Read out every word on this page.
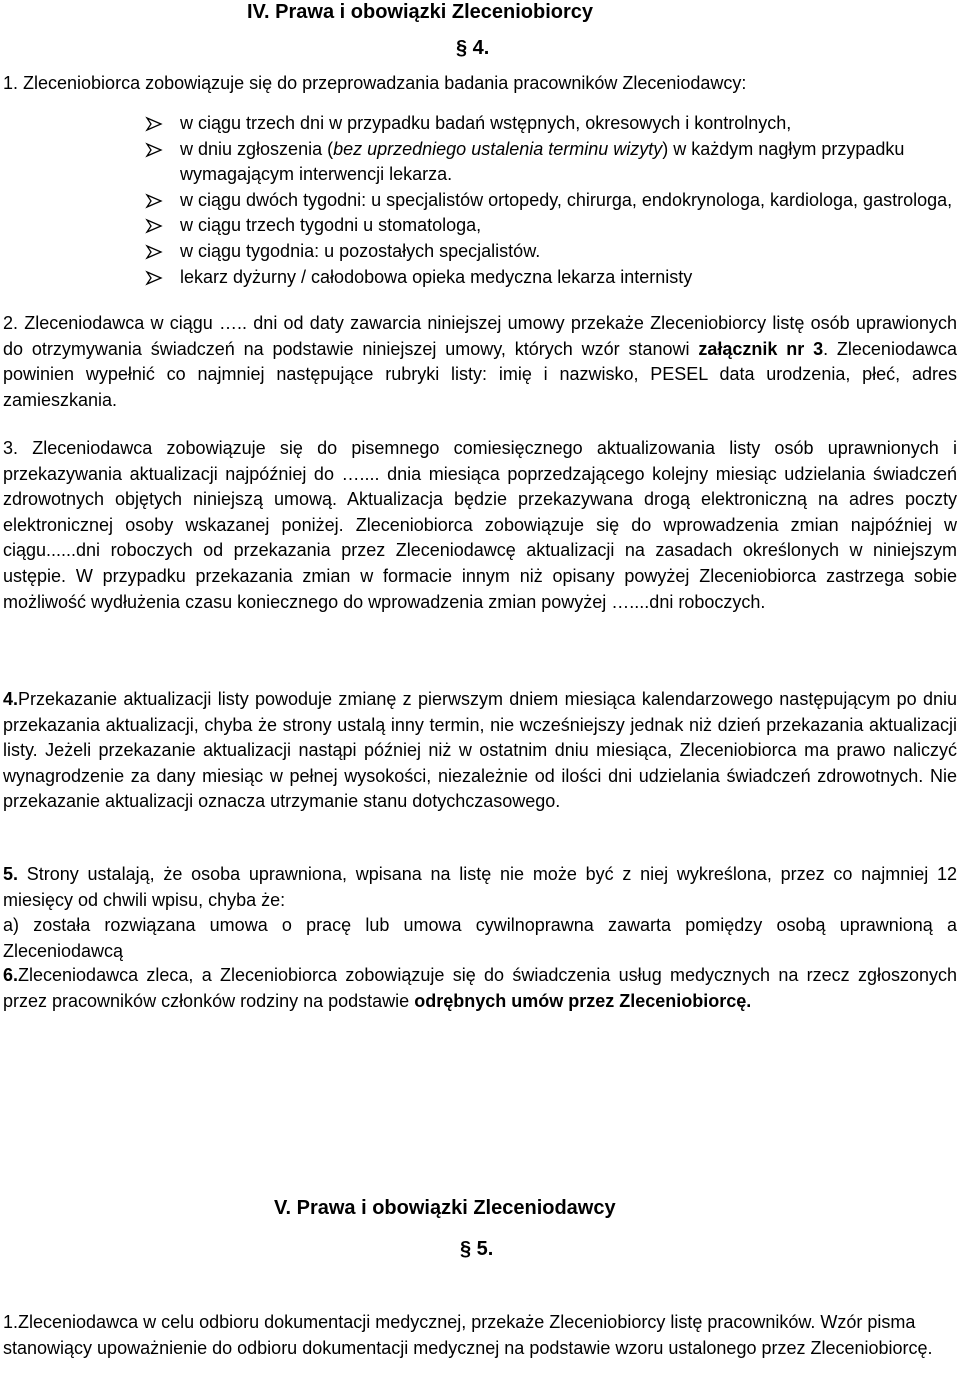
IV. Prawa i obowiązki Zleceniobiorcy
§ 4.
1. Zleceniobiorca zobowiązuje się do przeprowadzania badania pracowników Zleceniodawcy:
w ciągu trzech dni w przypadku badań wstępnych, okresowych i kontrolnych,
w dniu zgłoszenia (bez uprzedniego ustalenia terminu wizyty) w każdym nagłym przypadku wymagającym interwencji lekarza.
w ciągu dwóch tygodni: u specjalistów ortopedy, chirurga, endokrynologa, kardiologa, gastrologa,
w ciągu trzech tygodni u stomatologa,
w ciągu tygodnia: u pozostałych specjalistów.
lekarz dyżurny / całodobowa opieka medyczna lekarza internisty

2. Zleceniodawca w ciągu ….. dni od daty zawarcia niniejszej umowy przekaże Zleceniobiorcy listę osób uprawionych do otrzymywania świadczeń na podstawie niniejszej umowy, których wzór stanowi załącznik nr 3. Zleceniodawca powinien wypełnić co najmniej następujące rubryki listy: imię i nazwisko, PESEL data urodzenia, płeć, adres zamieszkania.

3. Zleceniodawca zobowiązuje się do pisemnego comiesięcznego aktualizowania listy osób uprawnionych i przekazywania aktualizacji najpóźniej do ….... dnia miesiąca poprzedzającego kolejny miesiąc udzielania świadczeń zdrowotnych objętych niniejszą umową. Aktualizacja będzie przekazywana drogą elektroniczną na adres poczty elektronicznej osoby wskazanej poniżej. Zleceniobiorca zobowiązuje się do wprowadzenia zmian najpóźniej w ciągu......dni roboczych od przekazania przez Zleceniodawcę aktualizacji na zasadach określonych w niniejszym ustępie. W przypadku przekazania zmian w formacie innym niż opisany powyżej Zleceniobiorca zastrzega sobie możliwość wydłużenia czasu koniecznego do wprowadzenia zmian powyżej …....dni roboczych.

4.Przekazanie aktualizacji listy powoduje zmianę z pierwszym dniem miesiąca kalendarzowego następującym po dniu przekazania aktualizacji, chyba że strony ustalą inny termin, nie wcześniejszy jednak niż dzień przekazania aktualizacji listy. Jeżeli przekazanie aktualizacji nastąpi później niż w ostatnim dniu miesiąca, Zleceniobiorca ma prawo naliczyć wynagrodzenie za dany miesiąc w pełnej wysokości, niezależnie od ilości dni udzielania świadczeń zdrowotnych. Nie przekazanie aktualizacji oznacza utrzymanie stanu dotychczasowego.

5. Strony ustalają, że osoba uprawniona, wpisana na listę nie może być z niej wykreślona, przez co najmniej 12 miesięcy od chwili wpisu, chyba że:

a) została rozwiązana umowa o pracę lub umowa cywilnoprawna zawarta pomiędzy osobą uprawnioną a Zleceniodawcą

6.Zleceniodawca zleca, a Zleceniobiorca zobowiązuje się do świadczenia usług medycznych na rzecz zgłoszonych przez pracowników członków rodziny na podstawie odrębnych umów przez Zleceniobiorcę.

V. Prawa i obowiązki Zleceniodawcy
§ 5.

1.Zleceniodawca w celu odbioru dokumentacji medycznej, przekaże Zleceniobiorcy listę pracowników. Wzór pisma stanowiący upoważnienie do odbioru dokumentacji medycznej na podstawie wzoru ustalonego przez Zleceniobiorcę.
